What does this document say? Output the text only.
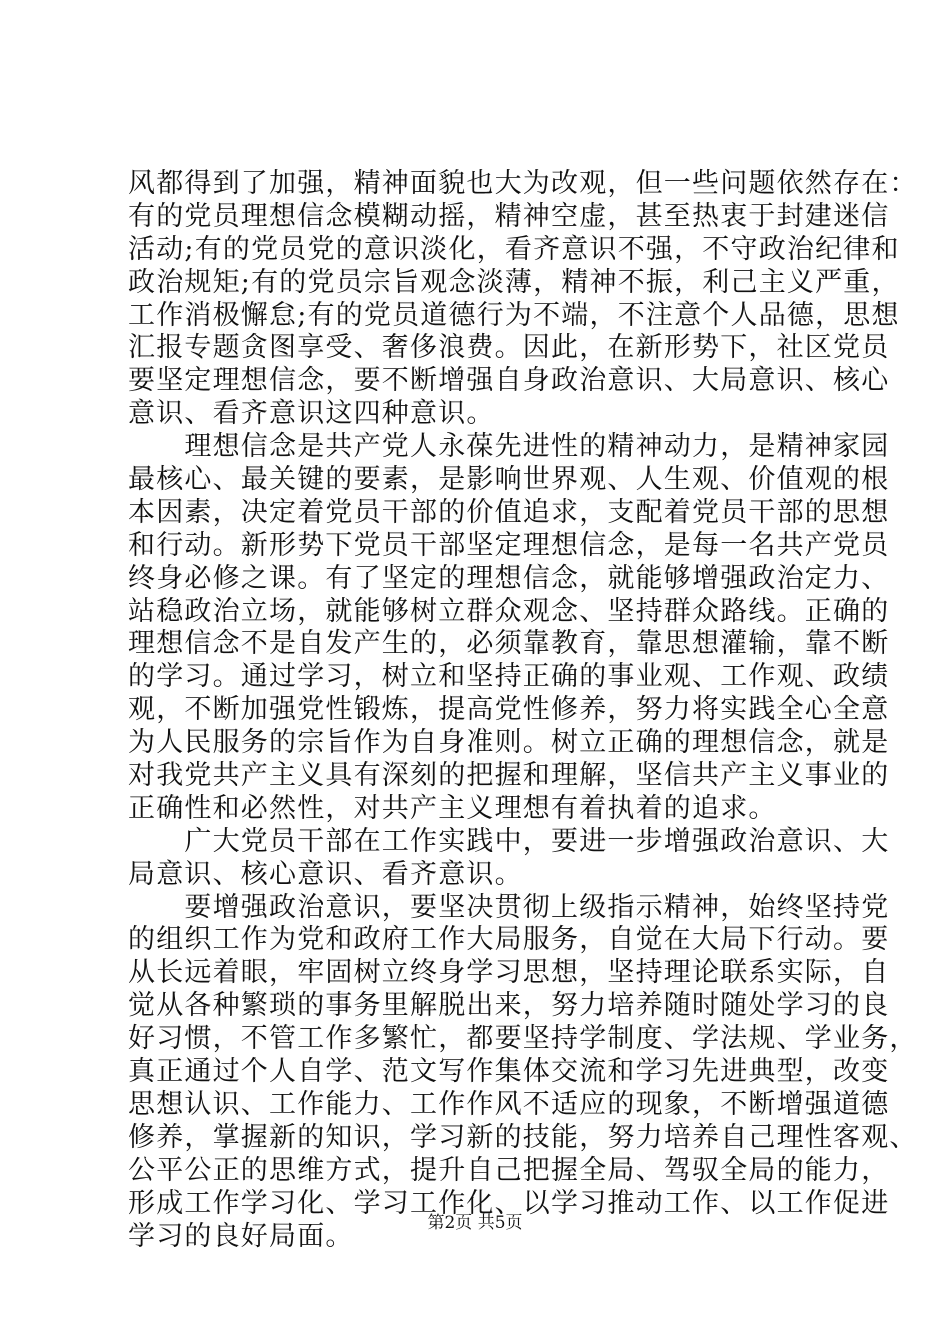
风都得到了加强，精神面貌也大为改观，但一些问题依然存在：
有的党员理想信念模糊动摇，精神空虚，甚至热衷于封建迷信
活动;有的党员党的意识淡化，看齐意识不强，不守政治纪律和
政治规矩;有的党员宗旨观念淡薄，精神不振，利己主义严重，
工作消极懈怠;有的党员道德行为不端，不注意个人品德，思想
汇报专题贪图享受、奢侈浪费。因此，在新形势下，社区党员
要坚定理想信念，要不断增强自身政治意识、大局意识、核心
意识、看齐意识这四种意识。
　　理想信念是共产党人永葆先进性的精神动力，是精神家园
最核心、最关键的要素，是影响世界观、人生观、价值观的根
本因素，决定着党员干部的价值追求，支配着党员干部的思想
和行动。新形势下党员干部坚定理想信念，是每一名共产党员
终身必修之课。有了坚定的理想信念，就能够增强政治定力、
站稳政治立场，就能够树立群众观念、坚持群众路线。正确的
理想信念不是自发产生的，必须靠教育，靠思想灌输，靠不断
的学习。通过学习，树立和坚持正确的事业观、工作观、政绩
观，不断加强党性锻炼，提高党性修养，努力将实践全心全意
为人民服务的宗旨作为自身准则。树立正确的理想信念，就是
对我党共产主义具有深刻的把握和理解，坚信共产主义事业的
正确性和必然性，对共产主义理想有着执着的追求。
　　广大党员干部在工作实践中，要进一步增强政治意识、大
局意识、核心意识、看齐意识。
　　要增强政治意识，要坚决贯彻上级指示精神，始终坚持党
的组织工作为党和政府工作大局服务，自觉在大局下行动。要
从长远着眼，牢固树立终身学习思想，坚持理论联系实际，自
觉从各种繁琐的事务里解脱出来，努力培养随时随处学习的良
好习惯，不管工作多繁忙，都要坚持学制度、学法规、学业务，
真正通过个人自学、范文写作集体交流和学习先进典型，改变
思想认识、工作能力、工作作风不适应的现象，不断增强道德
修养，掌握新的知识，学习新的技能，努力培养自己理性客观、
公平公正的思维方式，提升自己把握全局、驾驭全局的能力，
形成工作学习化、学习工作化、以学习推动工作、以工作促进
学习的良好局面。	第2页 共5页
